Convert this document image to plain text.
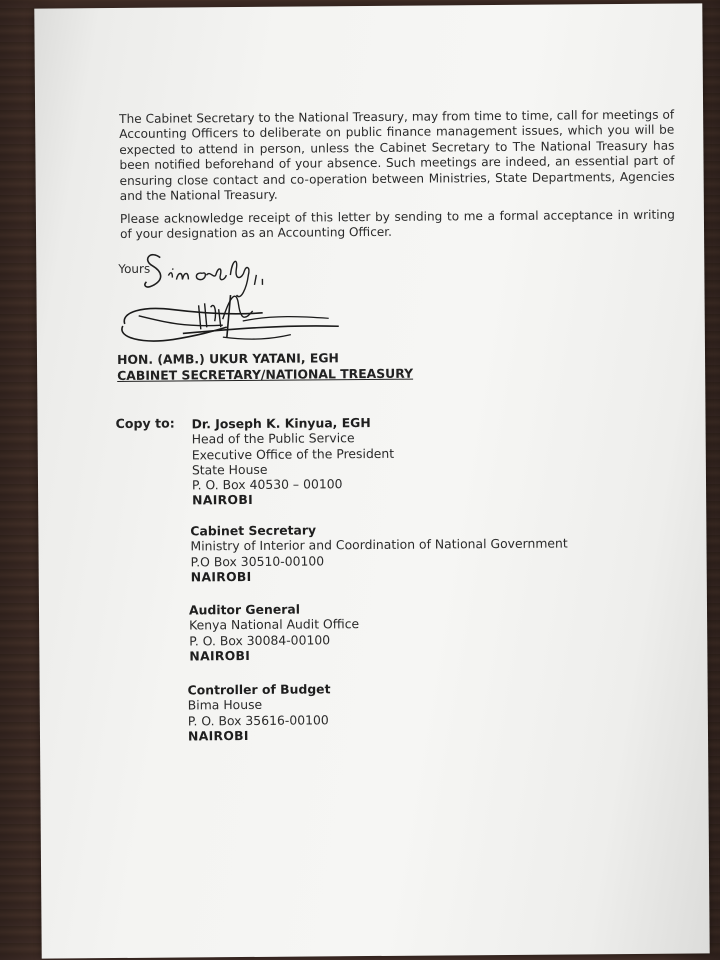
The Cabinet Secretary to the National Treasury, may from time to time, call for meetings of Accounting Officers to deliberate on public finance management issues, which you will be expected to attend in person, unless the Cabinet Secretary to The National Treasury has been notified beforehand of your absence. Such meetings are indeed, an essential part of ensuring close contact and co-operation between Ministries, State Departments, Agencies and the National Treasury.
Please acknowledge receipt of this letter by sending to me a formal acceptance in writing of your designation as an Accounting Officer.
Yours
HON. (AMB.) UKUR YATANI, EGH
CABINET SECRETARY/NATIONAL TREASURY
Copy to: Dr. Joseph K. Kinyua, EGH
Head of the Public Service
Executive Office of the President
State House
P. O. Box 40530 – 00100
NAIROBI
Cabinet Secretary
Ministry of Interior and Coordination of National Government
P.O Box 30510-00100
NAIROBI
Auditor General
Kenya National Audit Office
P. O. Box 30084-00100
NAIROBI
Controller of Budget
Bima House
P. O. Box 35616-00100
NAIROBI
